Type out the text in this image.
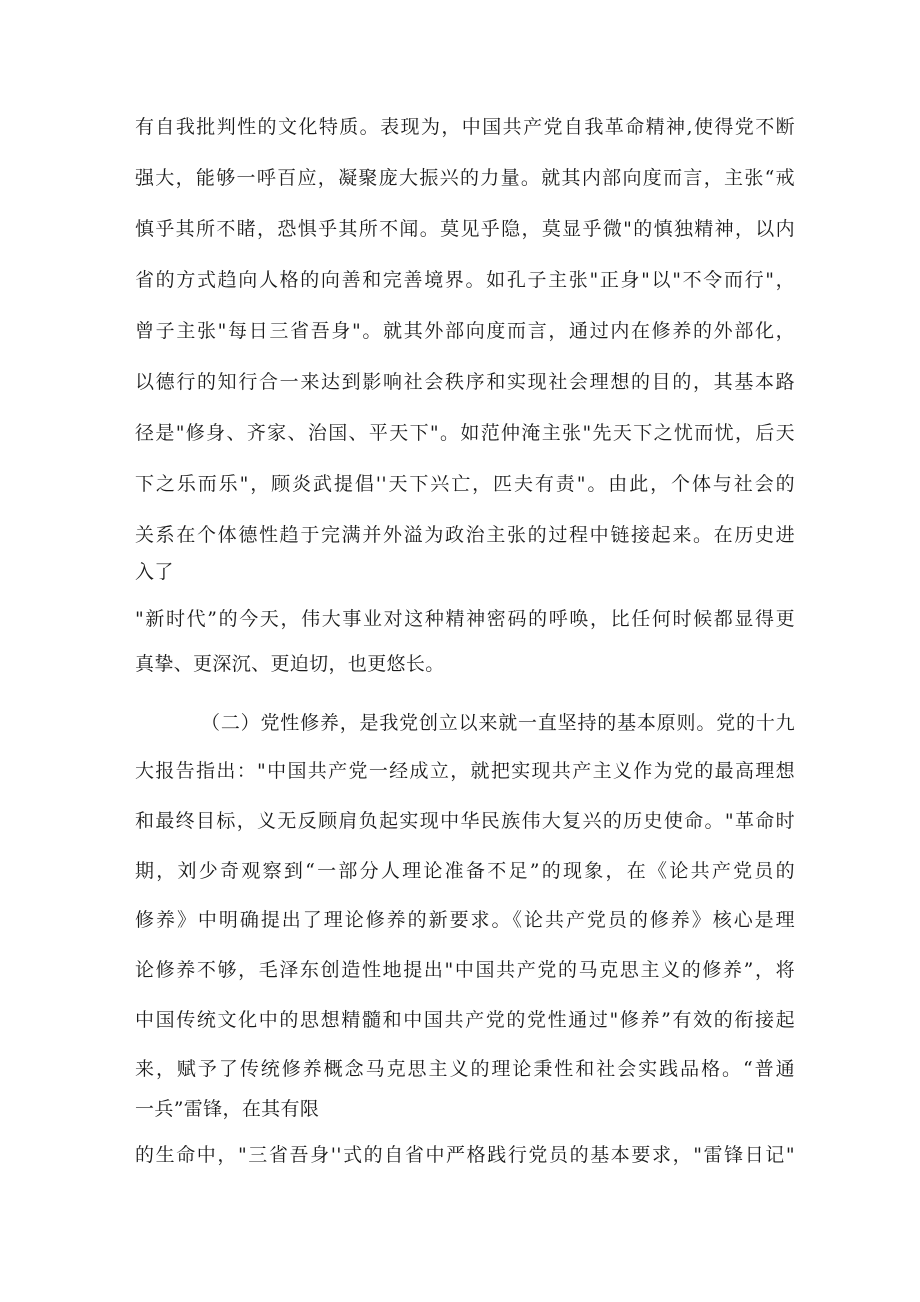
有自我批判性的文化特质。表现为，中国共产党自我革命精神,使得党不断
强大，能够一呼百应，凝聚庞大振兴的力量。就其内部向度而言，主张“戒
慎乎其所不睹，恐惧乎其所不闻。莫见乎隐，莫显乎微"的慎独精神，以内
省的方式趋向人格的向善和完善境界。如孔子主张"正身"以"不令而行"，
曾子主张"每日三省吾身"。就其外部向度而言，通过内在修养的外部化，
以德行的知行合一来达到影响社会秩序和实现社会理想的目的，其基本路
径是"修身、齐家、治国、平天下"。如范仲淹主张"先天下之忧而忧，后天
下之乐而乐"，顾炎武提倡''天下兴亡，匹夫有责"。由此，个体与社会的
关系在个体德性趋于完满并外溢为政治主张的过程中链接起来。在历史进
入了
"新时代”的今天，伟大事业对这种精神密码的呼唤，比任何时候都显得更
真挚、更深沉、更迫切，也更悠长。
（二）党性修养，是我党创立以来就一直坚持的基本原则。党的十九
大报告指出："中国共产党一经成立，就把实现共产主义作为党的最高理想
和最终目标，义无反顾肩负起实现中华民族伟大复兴的历史使命。"革命时
期，刘少奇观察到“一部分人理论准备不足”的现象，在《论共产党员的
修养》中明确提出了理论修养的新要求。《论共产党员的修养》核心是理
论修养不够，毛泽东创造性地提出"中国共产党的马克思主义的修养”，将
中国传统文化中的思想精髓和中国共产党的党性通过"修养”有效的衔接起
来，赋予了传统修养概念马克思主义的理论秉性和社会实践品格。“普通
一兵”雷锋，在其有限
的生命中，"三省吾身''式的自省中严格践行党员的基本要求，"雷锋日记"
